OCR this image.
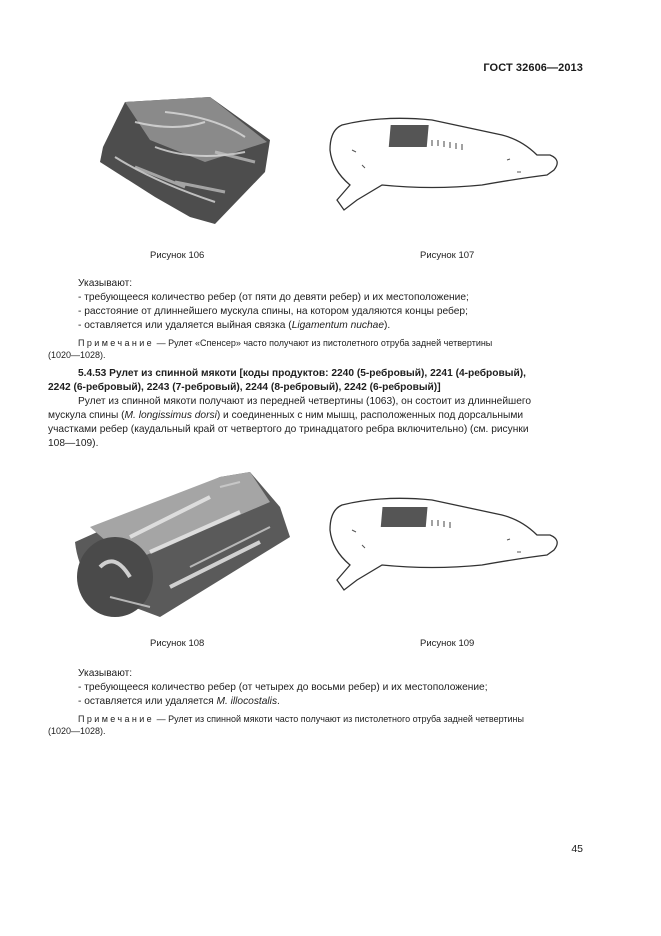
ГОСТ 32606—2013
Рисунок 106	Рисунок 107
Указывают:
- требующееся количество ребер (от пяти до девяти ребер) и их местоположение;
- расстояние от длиннейшего мускула спины, на котором удаляются концы ребер;
- оставляется или удаляется выйная связка (Ligamentum nuchae).
Примечание — Рулет «Спенсер» часто получают из пистолетного отруба задней четвертины
(1020—1028).
5.4.53 Рулет из спинной мякоти [коды продуктов: 2240 (5-ребровый), 2241 (4-ребровый),
2242 (6-ребровый), 2243 (7-ребровый), 2244 (8-ребровый), 2242 (6-ребровый)]
Рулет из спинной мякоти получают из передней четвертины (1063), он состоит из длиннейшего
мускула спины (M. longissimus dorsi) и соединенных с ним мышц, расположенных под дорсальными
участками ребер (каудальный край от четвертого до тринадцатого ребра включительно) (см. рисунки
108—109).
Рисунок 108	Рисунок 109
Указывают:
- требующееся количество ребер (от четырех до восьми ребер) и их местоположение;
- оставляется или удаляется M. illocostalis.
Примечание — Рулет из спинной мякоти часто получают из пистолетного отруба задней четвертины
(1020—1028).
45
